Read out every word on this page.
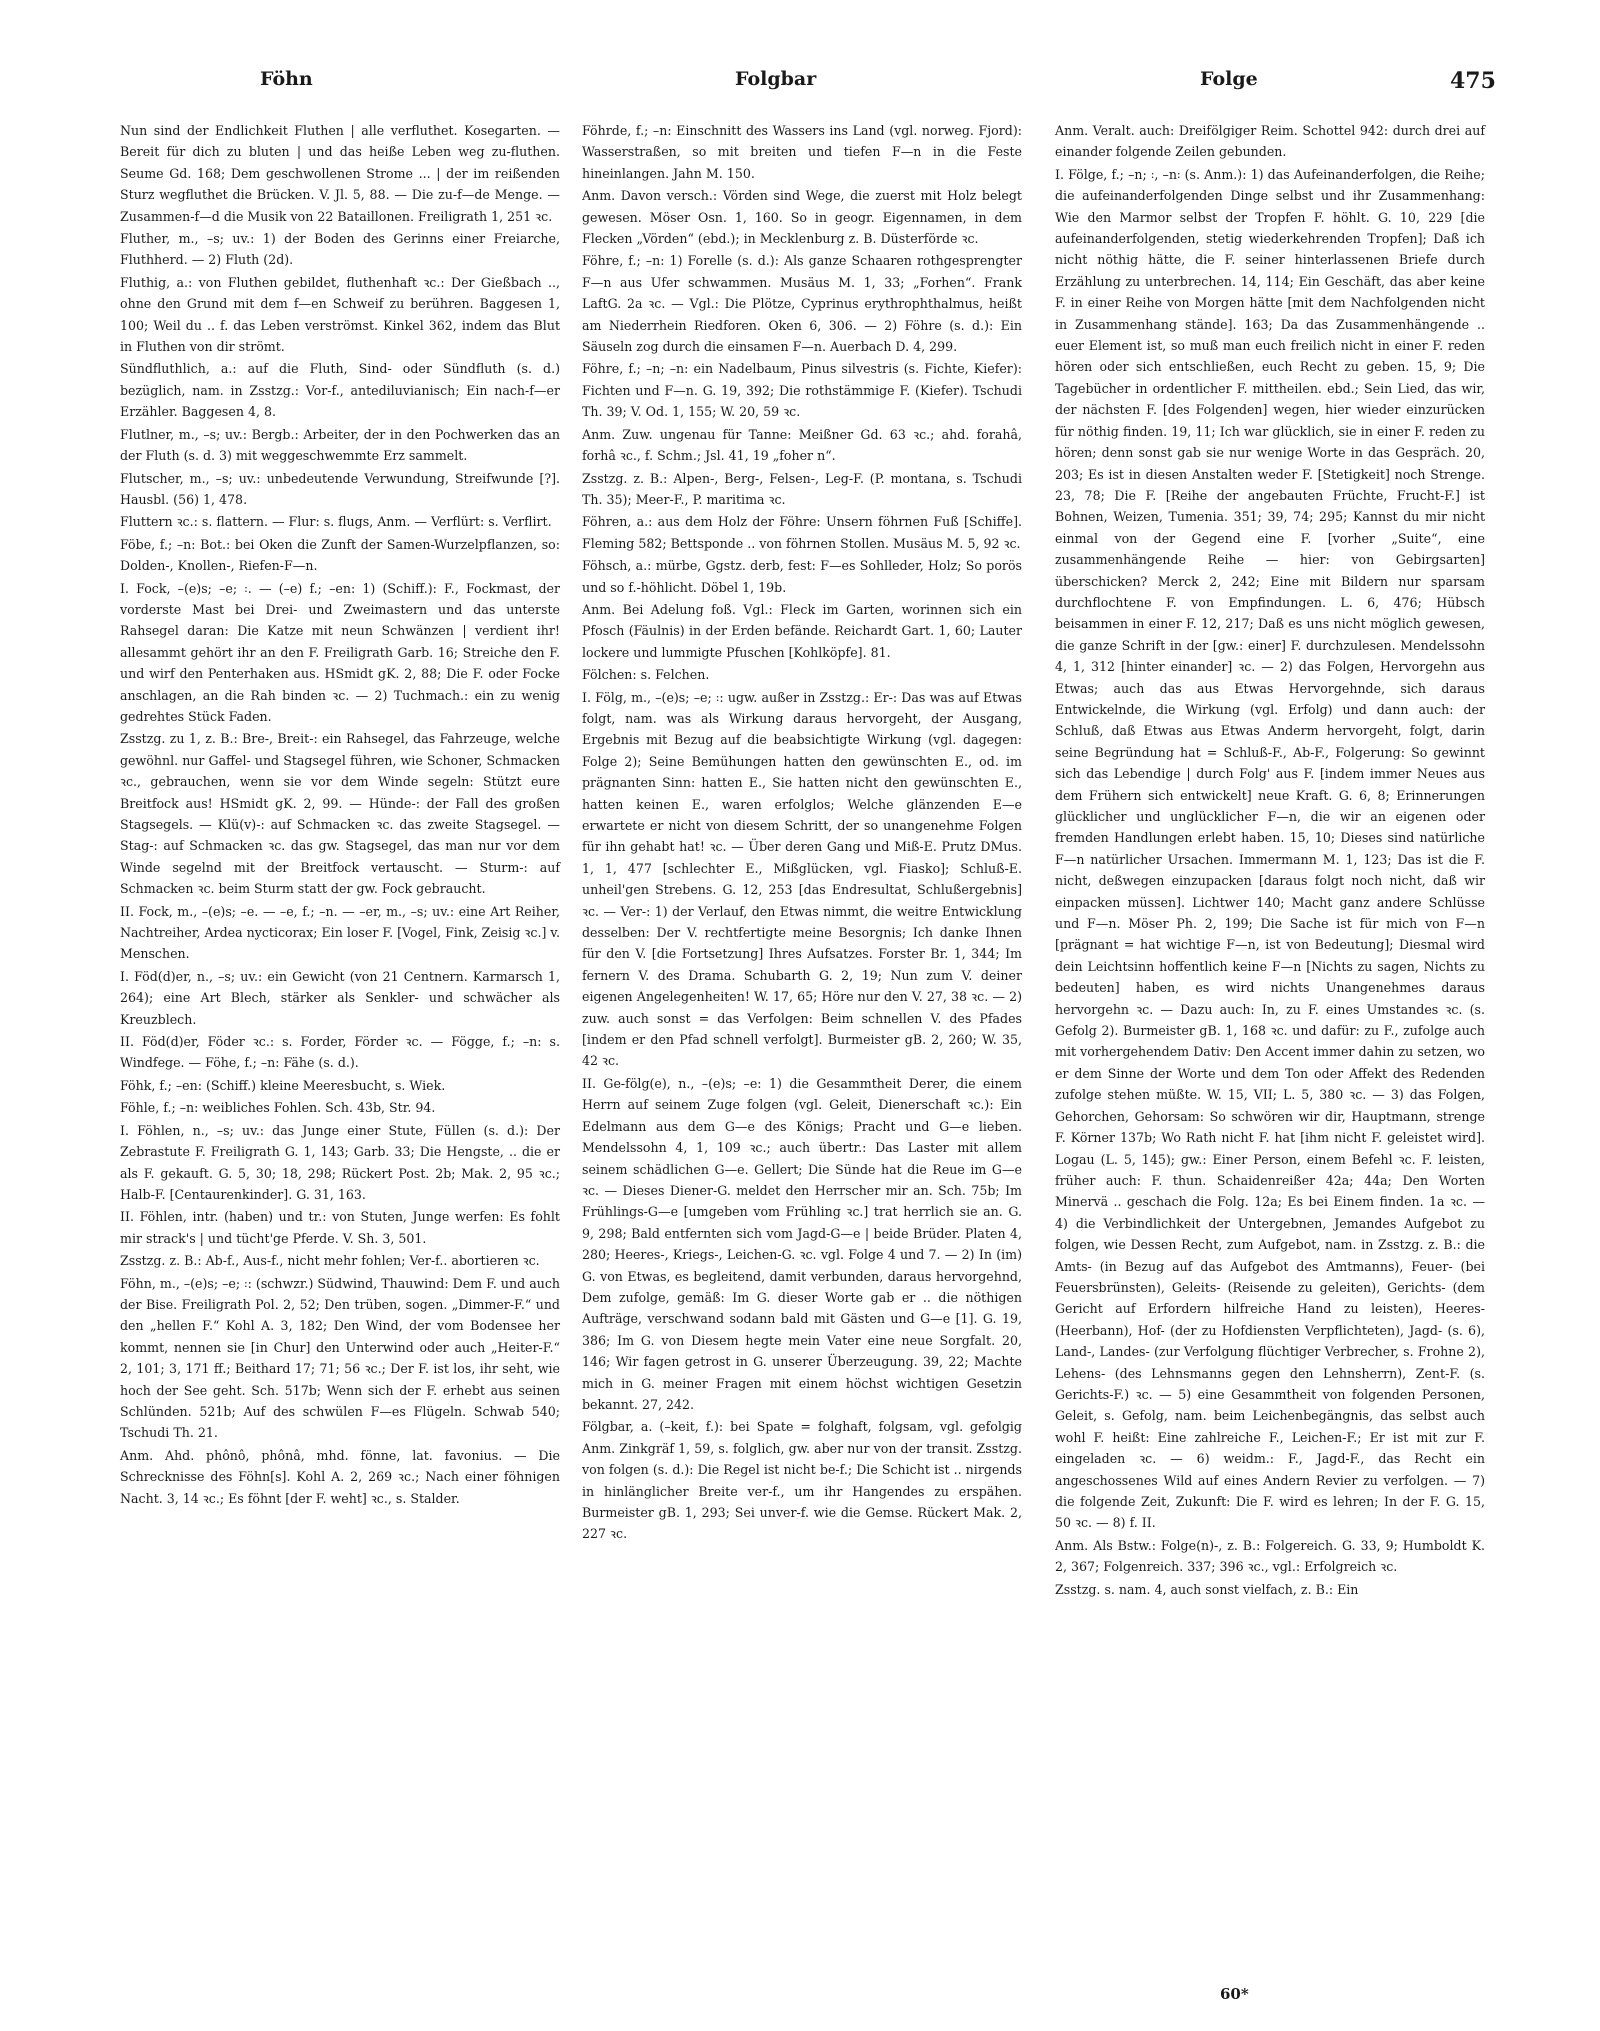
Föhn	Folgbar	Folge	475

Nun sind der Endlichkeit Fluthen | alle verfluthet. Kosegarten. — Bereit für dich zu bluten | und das heiße Leben weg zu-fluthen. Seume Gd. 168; Dem geschwollenen Strome ... | der im reißenden Sturz wegfluthet die Brücken. V. Jl. 5, 88. — Die zu-f—de Menge. — Zusammen-f—d die Musik von 22 Bataillonen. Freiligrath 1, 251 ꝛc.

Fluther, m., –s; uv.: 1) der Boden des Gerinns einer Freiarche, Fluthherd. — 2) Fluth (2d).

Fluthig, a.: von Fluthen gebildet, fluthenhaft ꝛc.: Der Gießbach .., ohne den Grund mit dem f—en Schweif zu berühren. Baggesen 1, 100; Weil du .. f. das Leben verströmst. Kinkel 362, indem das Blut in Fluthen von dir strömt.

Sündfluthlich, a.: auf die Fluth, Sind- oder Sündfluth (s. d.) bezüglich, nam. in Zsstzg.: Vor-f., antediluvianisch; Ein nach-f—er Erzähler. Baggesen 4, 8.

Flutlner, m., –s; uv.: Bergb.: Arbeiter, der in den Pochwerken das an der Fluth (s. d. 3) mit weggeschwemmte Erz sammelt.

Flutscher, m., –s; uv.: unbedeutende Verwundung, Streifwunde [?]. Hausbl. (56) 1, 478.

Fluttern ꝛc.: s. flattern. — Flur: s. flugs, Anm. — Verflürt: s. Verflirt.

Föbe, f.; –n: Bot.: bei Oken die Zunft der Samen-Wurzelpflanzen, so: Dolden-, Knollen-, Riefen-F—n.

I. Fock, –(e)s; –e; ꞉. — (–e) f.; –en: 1) (Schiff.): F., Fockmast, der vorderste Mast bei Drei- und Zweimastern und das unterste Rahsegel daran: Die Katze mit neun Schwänzen | verdient ihr! allesammt gehört ihr an den F. Freiligrath Garb. 16; Streiche den F. und wirf den Penterhaken aus. HSmidt gK. 2, 88; Die F. oder Focke anschlagen, an die Rah binden ꝛc. — 2) Tuchmach.: ein zu wenig gedrehtes Stück Faden.

Zsstzg. zu 1, z. B.: Bre-, Breit-: ein Rahsegel, das Fahrzeuge, welche gewöhnl. nur Gaffel- und Stagsegel führen, wie Schoner, Schmacken ꝛc., gebrauchen, wenn sie vor dem Winde segeln: Stützt eure Breitfock aus! HSmidt gK. 2, 99. — Hünde-: der Fall des großen Stagsegels. — Klü(v)-: auf Schmacken ꝛc. das zweite Stagsegel. — Stag-: auf Schmacken ꝛc. das gw. Stagsegel, das man nur vor dem Winde segelnd mit der Breitfock vertauscht. — Sturm-: auf Schmacken ꝛc. beim Sturm statt der gw. Fock gebraucht.

II. Fock, m., –(e)s; –e. — –e, f.; –n. — –er, m., –s; uv.: eine Art Reiher, Nachtreiher, Ardea nycticorax; Ein loser F. [Vogel, Fink, Zeisig ꝛc.] v. Menschen.

I. Föd(d)er, n., –s; uv.: ein Gewicht (von 21 Centnern. Karmarsch 1, 264); eine Art Blech, stärker als Senkler- und schwächer als Kreuzblech.

II. Föd(d)er, Föder ꝛc.: s. Forder, Förder ꝛc. — Fögge, f.; –n: s. Windfege. — Föhe, f.; –n: Fähe (s. d.).

Föhk, f.; –en: (Schiff.) kleine Meeresbucht, s. Wiek.

Föhle, f.; –n: weibliches Fohlen. Sch. 43b, Str. 94.

I. Föhlen, n., –s; uv.: das Junge einer Stute, Füllen (s. d.): Der Zebrastute F. Freiligrath G. 1, 143; Garb. 33; Die Hengste, .. die er als F. gekauft. G. 5, 30; 18, 298; Rückert Post. 2b; Mak. 2, 95 ꝛc.; Halb-F. [Centaurenkinder]. G. 31, 163.

II. Föhlen, intr. (haben) und tr.: von Stuten, Junge werfen: Es fohlt mir strack's | und tücht'ge Pferde. V. Sh. 3, 501.

Zsstzg. z. B.: Ab-f., Aus-f., nicht mehr fohlen; Ver-f.. abortieren ꝛc.

Föhn, m., –(e)s; –e; ꞉: (schwzr.) Südwind, Thauwind: Dem F. und auch der Bise. Freiligrath Pol. 2, 52; Den trüben, sogen. „Dimmer-F.“ und den „hellen F.“ Kohl A. 3, 182; Den Wind, der vom Bodensee her kommt, nennen sie [in Chur] den Unterwind oder auch „Heiter-F.“ 2, 101; 3, 171 ff.; Beithard 17; 71; 56 ꝛc.; Der F. ist los, ihr seht, wie hoch der See geht. Sch. 517b; Wenn sich der F. erhebt aus seinen Schlünden. 521b; Auf des schwülen F—es Flügeln. Schwab 540; Tschudi Th. 21.

Anm. Ahd. phônô, phônâ, mhd. fönne, lat. favonius. — Die Schrecknisse des Föhn[s]. Kohl A. 2, 269 ꝛc.; Nach einer föhnigen Nacht. 3, 14 ꝛc.; Es föhnt [der F. weht] ꝛc., s. Stalder.

Föhrde, f.; –n: Einschnitt des Wassers ins Land (vgl. norweg. Fjord): Wasserstraßen, so mit breiten und tiefen F—n in die Feste hineinlangen. Jahn M. 150.

Anm. Davon versch.: Vörden sind Wege, die zuerst mit Holz belegt gewesen. Möser Osn. 1, 160. So in geogr. Eigennamen, in dem Flecken „Vörden“ (ebd.); in Mecklenburg z. B. Düsterförde ꝛc.

Föhre, f.; –n: 1) Forelle (s. d.): Als ganze Schaaren rothgesprengter F—n aus Ufer schwammen. Musäus M. 1, 33; „Forhen“. Frank LaftG. 2a ꝛc. — Vgl.: Die Plötze, Cyprinus erythrophthalmus, heißt am Niederrhein Riedforen. Oken 6, 306. — 2) Föhre (s. d.): Ein Säuseln zog durch die einsamen F—n. Auerbach D. 4, 299.

Föhre, f.; –n; –n: ein Nadelbaum, Pinus silvestris (s. Fichte, Kiefer): Fichten und F—n. G. 19, 392; Die rothstämmige F. (Kiefer). Tschudi Th. 39; V. Od. 1, 155; W. 20, 59 ꝛc.

Anm. Zuw. ungenau für Tanne: Meißner Gd. 63 ꝛc.; ahd. forahâ, forhâ ꝛc., f. Schm.; Jsl. 41, 19 „foher n“.

Zsstzg. z. B.: Alpen-, Berg-, Felsen-, Leg-F. (P. montana, s. Tschudi Th. 35); Meer-F., P. maritima ꝛc.

Föhren, a.: aus dem Holz der Föhre: Unsern föhrnen Fuß [Schiffe]. Fleming 582; Bettsponde .. von föhrnen Stollen. Musäus M. 5, 92 ꝛc.

Föhsch, a.: mürbe, Ggstz. derb, fest: F—es Sohlleder, Holz; So porös und so f.-höhlicht. Döbel 1, 19b.

Anm. Bei Adelung foß. Vgl.: Fleck im Garten, worinnen sich ein Pfosch (Fäulnis) in der Erden befände. Reichardt Gart. 1, 60; Lauter lockere und lummigte Pfuschen [Kohlköpfe]. 81.

Fölchen: s. Felchen.

I. Fölg, m., –(e)s; –e; ꞉: ugw. außer in Zsstzg.: Er-: Das was auf Etwas folgt, nam. was als Wirkung daraus hervorgeht, der Ausgang, Ergebnis mit Bezug auf die beabsichtigte Wirkung (vgl. dagegen: Folge 2); Seine Bemühungen hatten den gewünschten E., od. im prägnanten Sinn: hatten E., Sie hatten nicht den gewünschten E., hatten keinen E., waren erfolglos; Welche glänzenden E—e erwartete er nicht von diesem Schritt, der so unangenehme Folgen für ihn gehabt hat! ꝛc. — Über deren Gang und Miß-E. Prutz DMus. 1, 1, 477 [schlechter E., Mißglücken, vgl. Fiasko]; Schluß-E. unheil'gen Strebens. G. 12, 253 [das Endresultat, Schlußergebnis] ꝛc. — Ver-: 1) der Verlauf, den Etwas nimmt, die weitre Entwicklung desselben: Der V. rechtfertigte meine Besorgnis; Ich danke Ihnen für den V. [die Fortsetzung] Ihres Aufsatzes. Forster Br. 1, 344; Im fernern V. des Drama. Schubarth G. 2, 19; Nun zum V. deiner eigenen Angelegenheiten! W. 17, 65; Höre nur den V. 27, 38 ꝛc. — 2) zuw. auch sonst = das Verfolgen: Beim schnellen V. des Pfades [indem er den Pfad schnell verfolgt]. Burmeister gB. 2, 260; W. 35, 42 ꝛc.

II. Ge-fölg(e), n., –(e)s; –e: 1) die Gesammtheit Derer, die einem Herrn auf seinem Zuge folgen (vgl. Geleit, Dienerschaft ꝛc.): Ein Edelmann aus dem G—e des Königs; Pracht und G—e lieben. Mendelssohn 4, 1, 109 ꝛc.; auch übertr.: Das Laster mit allem seinem schädlichen G—e. Gellert; Die Sünde hat die Reue im G—e ꝛc. — Dieses Diener-G. meldet den Herrscher mir an. Sch. 75b; Im Frühlings-G—e [umgeben vom Frühling ꝛc.] trat herrlich sie an. G. 9, 298; Bald entfernten sich vom Jagd-G—e | beide Brüder. Platen 4, 280; Heeres-, Kriegs-, Leichen-G. ꝛc. vgl. Folge 4 und 7. — 2) In (im) G. von Etwas, es begleitend, damit verbunden, daraus hervorgehnd, Dem zufolge, gemäß: Im G. dieser Worte gab er .. die nöthigen Aufträge, verschwand sodann bald mit Gästen und G—e [1]. G. 19, 386; Im G. von Diesem hegte mein Vater eine neue Sorgfalt. 20, 146; Wir fagen getrost in G. unserer Überzeugung. 39, 22; Machte mich in G. meiner Fragen mit einem höchst wichtigen Gesetzin bekannt. 27, 242.

Fölgbar, a. (–keit, f.): bei Spate = folghaft, folgsam, vgl. gefolgig Anm. Zinkgräf 1, 59, s. folglich, gw. aber nur von der transit. Zsstzg. von folgen (s. d.): Die Regel ist nicht be-f.; Die Schicht ist .. nirgends in hinlänglicher Breite ver-f., um ihr Hangendes zu erspähen. Burmeister gB. 1, 293; Sei unver-f. wie die Gemse. Rückert Mak. 2, 227 ꝛc.

Anm. Veralt. auch: Dreifölgiger Reim. Schottel 942: durch drei auf einander folgende Zeilen gebunden.

I. Fölge, f.; –n; ꞉, –n꞉ (s. Anm.): 1) das Aufeinanderfolgen, die Reihe; die aufeinanderfolgenden Dinge selbst und ihr Zusammenhang: Wie den Marmor selbst der Tropfen F. höhlt. G. 10, 229 [die aufeinanderfolgenden, stetig wiederkehrenden Tropfen]; Daß ich nicht nöthig hätte, die F. seiner hinterlassenen Briefe durch Erzählung zu unterbrechen. 14, 114; Ein Geschäft, das aber keine F. in einer Reihe von Morgen hätte [mit dem Nachfolgenden nicht in Zusammenhang stände]. 163; Da das Zusammenhängende .. euer Element ist, so muß man euch freilich nicht in einer F. reden hören oder sich entschließen, euch Recht zu geben. 15, 9; Die Tagebücher in ordentlicher F. mittheilen. ebd.; Sein Lied, das wir, der nächsten F. [des Folgenden] wegen, hier wieder einzurücken für nöthig finden. 19, 11; Ich war glücklich, sie in einer F. reden zu hören; denn sonst gab sie nur wenige Worte in das Gespräch. 20, 203; Es ist in diesen Anstalten weder F. [Stetigkeit] noch Strenge. 23, 78; Die F. [Reihe der angebauten Früchte, Frucht-F.] ist Bohnen, Weizen, Tumenia. 351; 39, 74; 295; Kannst du mir nicht einmal von der Gegend eine F. [vorher „Suite“, eine zusammenhängende Reihe — hier: von Gebirgsarten] überschicken? Merck 2, 242; Eine mit Bildern nur sparsam durchflochtene F. von Empfindungen. L. 6, 476; Hübsch beisammen in einer F. 12, 217; Daß es uns nicht möglich gewesen, die ganze Schrift in der [gw.: einer] F. durchzulesen. Mendelssohn 4, 1, 312 [hinter einander] ꝛc. — 2) das Folgen, Hervorgehn aus Etwas; auch das aus Etwas Hervorgehnde, sich daraus Entwickelnde, die Wirkung (vgl. Erfolg) und dann auch: der Schluß, daß Etwas aus Etwas Anderm hervorgeht, folgt, darin seine Begründung hat = Schluß-F., Ab-F., Folgerung: So gewinnt sich das Lebendige | durch Folg' aus F. [indem immer Neues aus dem Frühern sich entwickelt] neue Kraft. G. 6, 8; Erinnerungen glücklicher und unglücklicher F—n, die wir an eigenen oder fremden Handlungen erlebt haben. 15, 10; Dieses sind natürliche F—n natürlicher Ursachen. Immermann M. 1, 123; Das ist die F. nicht, deßwegen einzupacken [daraus folgt noch nicht, daß wir einpacken müssen]. Lichtwer 140; Macht ganz andere Schlüsse und F—n. Möser Ph. 2, 199; Die Sache ist für mich von F—n [prägnant = hat wichtige F—n, ist von Bedeutung]; Diesmal wird dein Leichtsinn hoffentlich keine F—n [Nichts zu sagen, Nichts zu bedeuten] haben, es wird nichts Unangenehmes daraus hervorgehn ꝛc. — Dazu auch: In, zu F. eines Umstandes ꝛc. (s. Gefolg 2). Burmeister gB. 1, 168 ꝛc. und dafür: zu F., zufolge auch mit vorhergehendem Dativ: Den Accent immer dahin zu setzen, wo er dem Sinne der Worte und dem Ton oder Affekt des Redenden zufolge stehen müßte. W. 15, VII; L. 5, 380 ꝛc. — 3) das Folgen, Gehorchen, Gehorsam: So schwören wir dir, Hauptmann, strenge F. Körner 137b; Wo Rath nicht F. hat [ihm nicht F. geleistet wird]. Logau (L. 5, 145); gw.: Einer Person, einem Befehl ꝛc. F. leisten, früher auch: F. thun. Schaidenreißer 42a; 44a; Den Worten Minervä .. geschach die Folg. 12a; Es bei Einem finden. 1a ꝛc. — 4) die Verbindlichkeit der Untergebnen, Jemandes Aufgebot zu folgen, wie Dessen Recht, zum Aufgebot, nam. in Zsstzg. z. B.: die Amts- (in Bezug auf das Aufgebot des Amtmanns), Feuer- (bei Feuersbrünsten), Geleits- (Reisende zu geleiten), Gerichts- (dem Gericht auf Erfordern hilfreiche Hand zu leisten), Heeres- (Heerbann), Hof- (der zu Hofdiensten Verpflichteten), Jagd- (s. 6), Land-, Landes- (zur Verfolgung flüchtiger Verbrecher, s. Frohne 2), Lehens- (des Lehnsmanns gegen den Lehnsherrn), Zent-F. (s. Gerichts-F.) ꝛc. — 5) eine Gesammtheit von folgenden Personen, Geleit, s. Gefolg, nam. beim Leichenbegängnis, das selbst auch wohl F. heißt: Eine zahlreiche F., Leichen-F.; Er ist mit zur F. eingeladen ꝛc. — 6) weidm.: F., Jagd-F., das Recht ein angeschossenes Wild auf eines Andern Revier zu verfolgen. — 7) die folgende Zeit, Zukunft: Die F. wird es lehren; In der F. G. 15, 50 ꝛc. — 8) f. II.

Anm. Als Bstw.: Folge(n)-, z. B.: Folgereich. G. 33, 9; Humboldt K. 2, 367; Folgenreich. 337; 396 ꝛc., vgl.: Erfolgreich ꝛc.

Zsstzg. s. nam. 4, auch sonst vielfach, z. B.: Ein

60*
